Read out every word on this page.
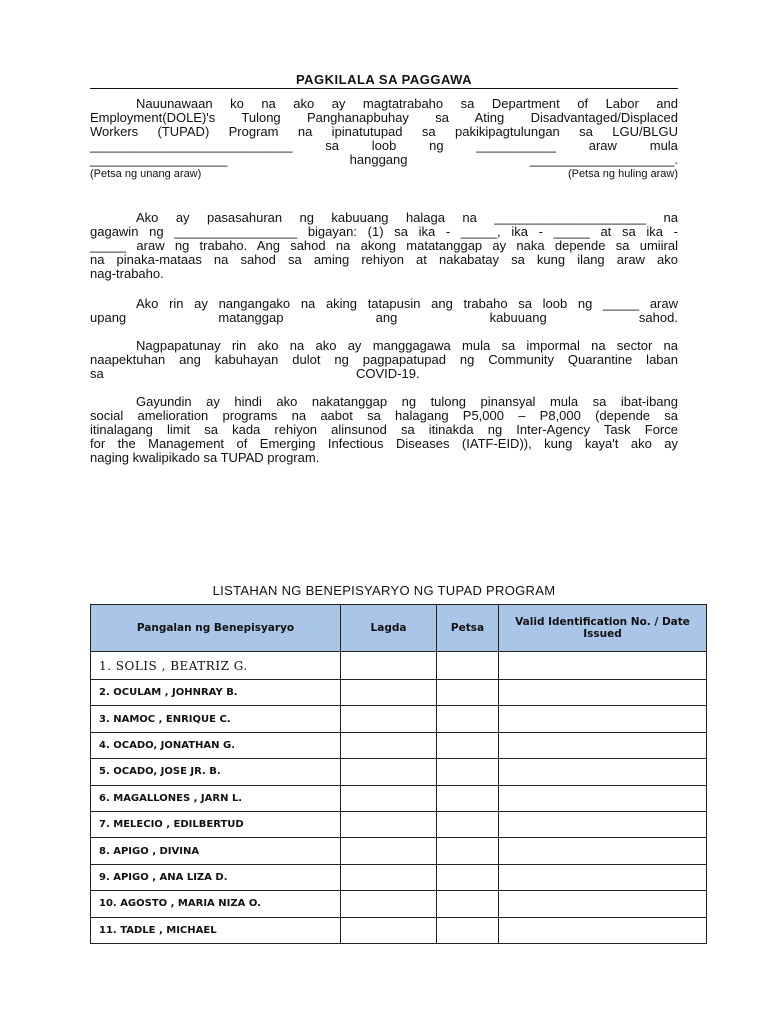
PAGKILALA SA PAGGAWA
Nauunawaan ko na ako ay magtatrabaho sa Department of Labor and
Employment(DOLE)'s Tulong Panghanapbuhay sa Ating Disadvantaged/Displaced
Workers (TUPAD) Program na ipinatutupad sa pakikipagtulungan sa LGU/BLGU
____________________________	sa	loob	ng	___________	araw	mula
___________________	hanggang	____________________.
(Petsa ng unang araw)	(Petsa ng huling araw)
Ako ay pasasahuran ng kabuuang halaga na _____________________ na
gagawin ng _________________ bigayan: (1) sa ika - _____, ika - _____ at sa ika -
_____ araw ng trabaho. Ang sahod na akong matatanggap ay naka depende sa umiiral
na pinaka-mataas na sahod sa aming rehiyon at nakabatay sa kung ilang araw ako
nag-trabaho.
Ako rin ay nangangako na aking tatapusin ang trabaho sa loob ng _____ araw
upang	matanggap	ang	kabuuang	sahod.
Nagpapatunay rin ako na ako ay manggagawa mula sa impormal na sector na
naapektuhan ang kabuhayan dulot ng pagpapatupad ng Community Quarantine laban
sa	COVID-19.
Gayundin ay hindi ako nakatanggap ng tulong pinansyal mula sa ibat-ibang
social amelioration programs na aabot sa halagang P5,000 – P8,000 (depende sa
itinalagang limit sa kada rehiyon alinsunod sa itinakda ng Inter-Agency Task Force
for the Management of Emerging Infectious Diseases (IATF-EID)), kung kaya't ako ay
naging kwalipikado sa TUPAD program.
LISTAHAN NG BENEPISYARYO NG TUPAD PROGRAM
Pangalan ng Benepisyaryo	Lagda	Petsa	Valid Identification No. / Date Issued
1. SOLIS , BEATRIZ G.			
2. OCULAM , JOHNRAY B.			
3. NAMOC , ENRIQUE C.			
4. OCADO, JONATHAN G.			
5. OCADO, JOSE JR. B.			
6. MAGALLONES , JARN L.			
7. MELECIO , EDILBERTUD			
8. APIGO , DIVINA			
9. APIGO , ANA LIZA D.			
10. AGOSTO , MARIA NIZA O.			
11. TADLE , MICHAEL			
